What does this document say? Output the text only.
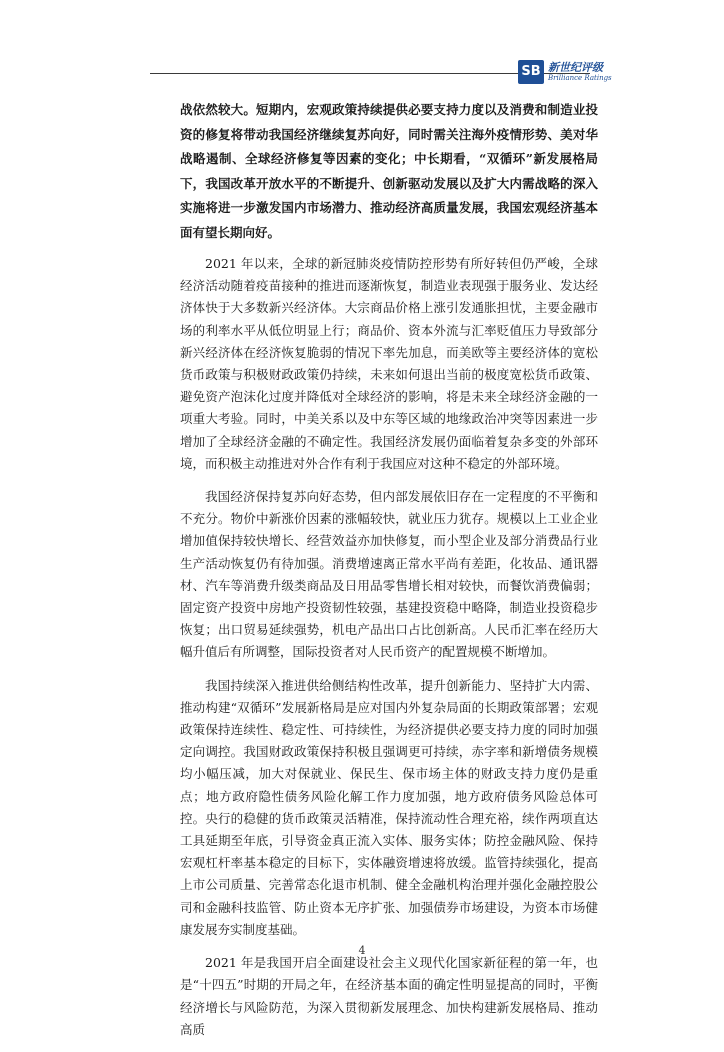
SB 新世纪评级
Brilliance Ratings
战依然较大。短期内，宏观政策持续提供必要支持力度以及消费和制造业投资的修复将带动我国经济继续复苏向好，同时需关注海外疫情形势、美对华战略遏制、全球经济修复等因素的变化；中长期看，“双循环”新发展格局下，我国改革开放水平的不断提升、创新驱动发展以及扩大内需战略的深入实施将进一步激发国内市场潜力、推动经济高质量发展，我国宏观经济基本面有望长期向好。

2021 年以来，全球的新冠肺炎疫情防控形势有所好转但仍严峻，全球经济活动随着疫苗接种的推进而逐渐恢复，制造业表现强于服务业、发达经济体快于大多数新兴经济体。大宗商品价格上涨引发通胀担忧，主要金融市场的利率水平从低位明显上行；商品价、资本外流与汇率贬值压力导致部分新兴经济体在经济恢复脆弱的情况下率先加息，而美欧等主要经济体的宽松货币政策与积极财政政策仍持续，未来如何退出当前的极度宽松货币政策、避免资产泡沫化过度并降低对全球经济的影响，将是未来全球经济金融的一项重大考验。同时，中美关系以及中东等区域的地缘政治冲突等因素进一步增加了全球经济金融的不确定性。我国经济发展仍面临着复杂多变的外部环境，而积极主动推进对外合作有利于我国应对这种不稳定的外部环境。

我国经济保持复苏向好态势，但内部发展依旧存在一定程度的不平衡和不充分。物价中新涨价因素的涨幅较快，就业压力犹存。规模以上工业企业增加值保持较快增长、经营效益亦加快修复，而小型企业及部分消费品行业生产活动恢复仍有待加强。消费增速离正常水平尚有差距，化妆品、通讯器材、汽车等消费升级类商品及日用品零售增长相对较快，而餐饮消费偏弱；固定资产投资中房地产投资韧性较强，基建投资稳中略降，制造业投资稳步恢复；出口贸易延续强势，机电产品出口占比创新高。人民币汇率在经历大幅升值后有所调整，国际投资者对人民币资产的配置规模不断增加。

我国持续深入推进供给侧结构性改革，提升创新能力、坚持扩大内需、推动构建“双循环”发展新格局是应对国内外复杂局面的长期政策部署；宏观政策保持连续性、稳定性、可持续性，为经济提供必要支持力度的同时加强定向调控。我国财政政策保持积极且强调更可持续，赤字率和新增债务规模均小幅压减，加大对保就业、保民生、保市场主体的财政支持力度仍是重点；地方政府隐性债务风险化解工作力度加强，地方政府债务风险总体可控。央行的稳健的货币政策灵活精准，保持流动性合理充裕，续作两项直达工具延期至年底，引导资金真正流入实体、服务实体；防控金融风险、保持宏观杠杆率基本稳定的目标下，实体融资增速将放缓。监管持续强化，提高上市公司质量、完善常态化退市机制、健全金融机构治理并强化金融控股公司和金融科技监管、防止资本无序扩张、加强债券市场建设，为资本市场健康发展夯实制度基础。

2021 年是我国开启全面建设社会主义现代化国家新征程的第一年，也是“十四五”时期的开局之年，在经济基本面的确定性明显提高的同时，平衡经济增长与风险防范，为深入贯彻新发展理念、加快构建新发展格局、推动高质

4
